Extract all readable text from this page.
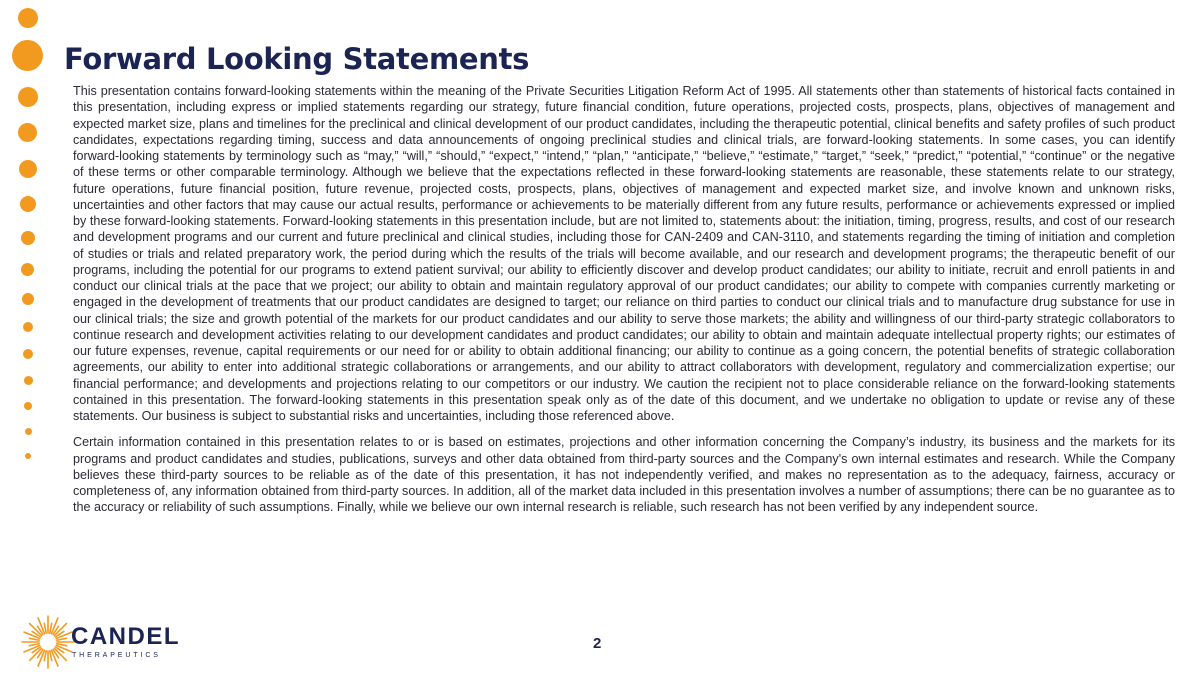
Forward Looking Statements

This presentation contains forward-looking statements within the meaning of the Private Securities Litigation Reform Act of 1995. All statements other than statements of historical facts contained in this presentation, including express or implied statements regarding our strategy, future financial condition, future operations, projected costs, prospects, plans, objectives of management and expected market size, plans and timelines for the preclinical and clinical development of our product candidates, including the therapeutic potential, clinical benefits and safety profiles of such product candidates, expectations regarding timing, success and data announcements of ongoing preclinical studies and clinical trials, are forward-looking statements. In some cases, you can identify forward-looking statements by terminology such as “may,” “will,” “should,” “expect,” “intend,” “plan,” “anticipate,” “believe,” “estimate,” “target,” “seek,” “predict,” “potential,” “continue” or the negative of these terms or other comparable terminology. Although we believe that the expectations reflected in these forward-looking statements are reasonable, these statements relate to our strategy, future operations, future financial position, future revenue, projected costs, prospects, plans, objectives of management and expected market size, and involve known and unknown risks, uncertainties and other factors that may cause our actual results, performance or achievements to be materially different from any future results, performance or achievements expressed or implied by these forward-looking statements. Forward-looking statements in this presentation include, but are not limited to, statements about: the initiation, timing, progress, results, and cost of our research and development programs and our current and future preclinical and clinical studies, including those for CAN-2409 and CAN-3110, and statements regarding the timing of initiation and completion of studies or trials and related preparatory work, the period during which the results of the trials will become available, and our research and development programs; the therapeutic benefit of our programs, including the potential for our programs to extend patient survival; our ability to efficiently discover and develop product candidates; our ability to initiate, recruit and enroll patients in and conduct our clinical trials at the pace that we project; our ability to obtain and maintain regulatory approval of our product candidates; our ability to compete with companies currently marketing or engaged in the development of treatments that our product candidates are designed to target; our reliance on third parties to conduct our clinical trials and to manufacture drug substance for use in our clinical trials; the size and growth potential of the markets for our product candidates and our ability to serve those markets; the ability and willingness of our third-party strategic collaborators to continue research and development activities relating to our development candidates and product candidates; our ability to obtain and maintain adequate intellectual property rights; our estimates of our future expenses, revenue, capital requirements or our need for or ability to obtain additional financing; our ability to continue as a going concern, the potential benefits of strategic collaboration agreements, our ability to enter into additional strategic collaborations or arrangements, and our ability to attract collaborators with development, regulatory and commercialization expertise; our financial performance; and developments and projections relating to our competitors or our industry. We caution the recipient not to place considerable reliance on the forward-looking statements contained in this presentation. The forward-looking statements in this presentation speak only as of the date of this document, and we undertake no obligation to update or revise any of these statements. Our business is subject to substantial risks and uncertainties, including those referenced above.

Certain information contained in this presentation relates to or is based on estimates, projections and other information concerning the Company’s industry, its business and the markets for its programs and product candidates and studies, publications, surveys and other data obtained from third-party sources and the Company's own internal estimates and research. While the Company believes these third-party sources to be reliable as of the date of this presentation, it has not independently verified, and makes no representation as to the adequacy, fairness, accuracy or completeness of, any information obtained from third-party sources. In addition, all of the market data included in this presentation involves a number of assumptions; there can be no guarantee as to the accuracy or reliability of such assumptions. Finally, while we believe our own internal research is reliable, such research has not been verified by any independent source.

CANDEL
THERAPEUTICS
2
